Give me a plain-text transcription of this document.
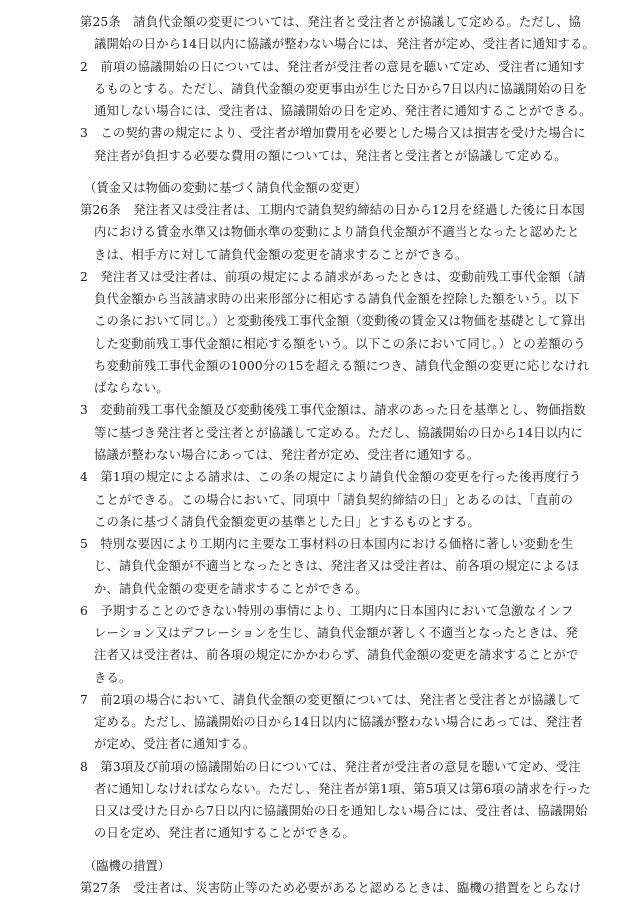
第25条　請負代金額の変更については、発注者と受注者とが協議して定める。ただし、協
議開始の日から14日以内に協議が整わない場合には、発注者が定め、受注者に通知する。
2　前項の協議開始の日については、発注者が受注者の意見を聴いて定め、受注者に通知す
るものとする。ただし、請負代金額の変更事由が生じた日から7日以内に協議開始の日を
通知しない場合には、受注者は、協議開始の日を定め、発注者に通知することができる。
3　この契約書の規定により、受注者が増加費用を必要とした場合又は損害を受けた場合に
発注者が負担する必要な費用の額については、発注者と受注者とが協議して定める。
（賃金又は物価の変動に基づく請負代金額の変更）
第26条　発注者又は受注者は、工期内で請負契約締結の日から12月を経過した後に日本国
内における賃金水準又は物価水準の変動により請負代金額が不適当となったと認めたと
きは、相手方に対して請負代金額の変更を請求することができる。
2　発注者又は受注者は、前項の規定による請求があったときは、変動前残工事代金額（請
負代金額から当該請求時の出来形部分に相応する請負代金額を控除した額をいう。以下
この条において同じ。）と変動後残工事代金額（変動後の賃金又は物価を基礎として算出
した変動前残工事代金額に相応する額をいう。以下この条において同じ。）との差額のう
ち変動前残工事代金額の1000分の15を超える額につき、請負代金額の変更に応じなけれ
ばならない。
3　変動前残工事代金額及び変動後残工事代金額は、請求のあった日を基準とし、物価指数
等に基づき発注者と受注者とが協議して定める。ただし、協議開始の日から14日以内に
協議が整わない場合にあっては、発注者が定め、受注者に通知する。
4　第1項の規定による請求は、この条の規定により請負代金額の変更を行った後再度行う
ことができる。この場合において、同項中「請負契約締結の日」とあるのは、「直前の
この条に基づく請負代金額変更の基準とした日」とするものとする。
5　特別な要因により工期内に主要な工事材料の日本国内における価格に著しい変動を生
じ、請負代金額が不適当となったときは、発注者又は受注者は、前各項の規定によるほ
か、請負代金額の変更を請求することができる。
6　予期することのできない特別の事情により、工期内に日本国内において急激なインフ
レーション又はデフレーションを生じ、請負代金額が著しく不適当となったときは、発
注者又は受注者は、前各項の規定にかかわらず、請負代金額の変更を請求することがで
きる。
7　前2項の場合において、請負代金額の変更額については、発注者と受注者とが協議して
定める。ただし、協議開始の日から14日以内に協議が整わない場合にあっては、発注者
が定め、受注者に通知する。
8　第3項及び前項の協議開始の日については、発注者が受注者の意見を聴いて定め、受注
者に通知しなければならない。ただし、発注者が第1項、第5項又は第6項の請求を行った
日又は受けた日から7日以内に協議開始の日を通知しない場合には、受注者は、協議開始
の日を定め、発注者に通知することができる。
（臨機の措置）
第27条　受注者は、災害防止等のため必要があると認めるときは、臨機の措置をとらなけ
